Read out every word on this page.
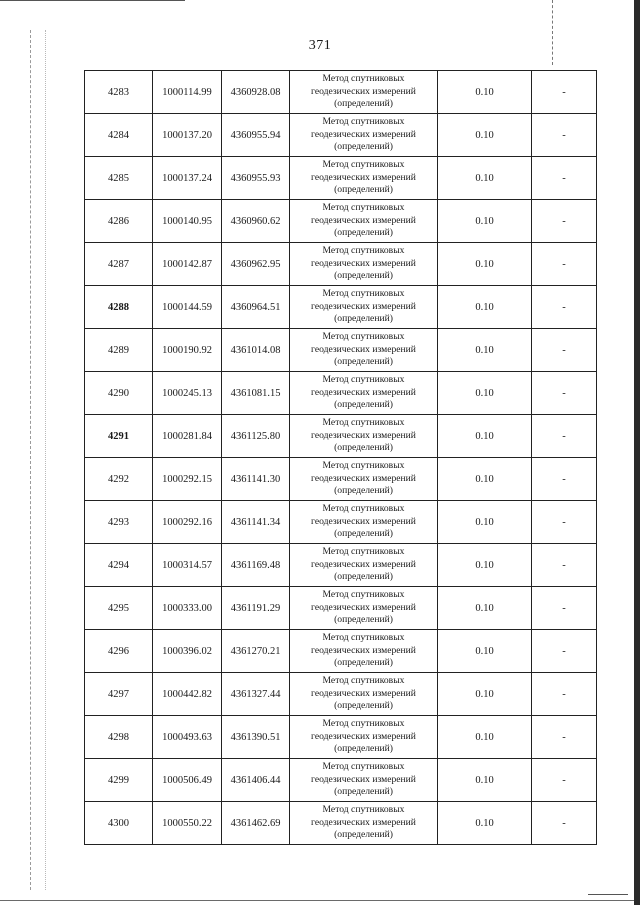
371
4283	1000114.99	4360928.08	Метод спутниковых
геодезических измерений
(определений)	0.10	-
4284	1000137.20	4360955.94	Метод спутниковых
геодезических измерений
(определений)	0.10	-
4285	1000137.24	4360955.93	Метод спутниковых
геодезических измерений
(определений)	0.10	-
4286	1000140.95	4360960.62	Метод спутниковых
геодезических измерений
(определений)	0.10	-
4287	1000142.87	4360962.95	Метод спутниковых
геодезических измерений
(определений)	0.10	-
4288	1000144.59	4360964.51	Метод спутниковых
геодезических измерений
(определений)	0.10	-
4289	1000190.92	4361014.08	Метод спутниковых
геодезических измерений
(определений)	0.10	-
4290	1000245.13	4361081.15	Метод спутниковых
геодезических измерений
(определений)	0.10	-
4291	1000281.84	4361125.80	Метод спутниковых
геодезических измерений
(определений)	0.10	-
4292	1000292.15	4361141.30	Метод спутниковых
геодезических измерений
(определений)	0.10	-
4293	1000292.16	4361141.34	Метод спутниковых
геодезических измерений
(определений)	0.10	-
4294	1000314.57	4361169.48	Метод спутниковых
геодезических измерений
(определений)	0.10	-
4295	1000333.00	4361191.29	Метод спутниковых
геодезических измерений
(определений)	0.10	-
4296	1000396.02	4361270.21	Метод спутниковых
геодезических измерений
(определений)	0.10	-
4297	1000442.82	4361327.44	Метод спутниковых
геодезических измерений
(определений)	0.10	-
4298	1000493.63	4361390.51	Метод спутниковых
геодезических измерений
(определений)	0.10	-
4299	1000506.49	4361406.44	Метод спутниковых
геодезических измерений
(определений)	0.10	-
4300	1000550.22	4361462.69	Метод спутниковых
геодезических измерений
(определений)	0.10	-
